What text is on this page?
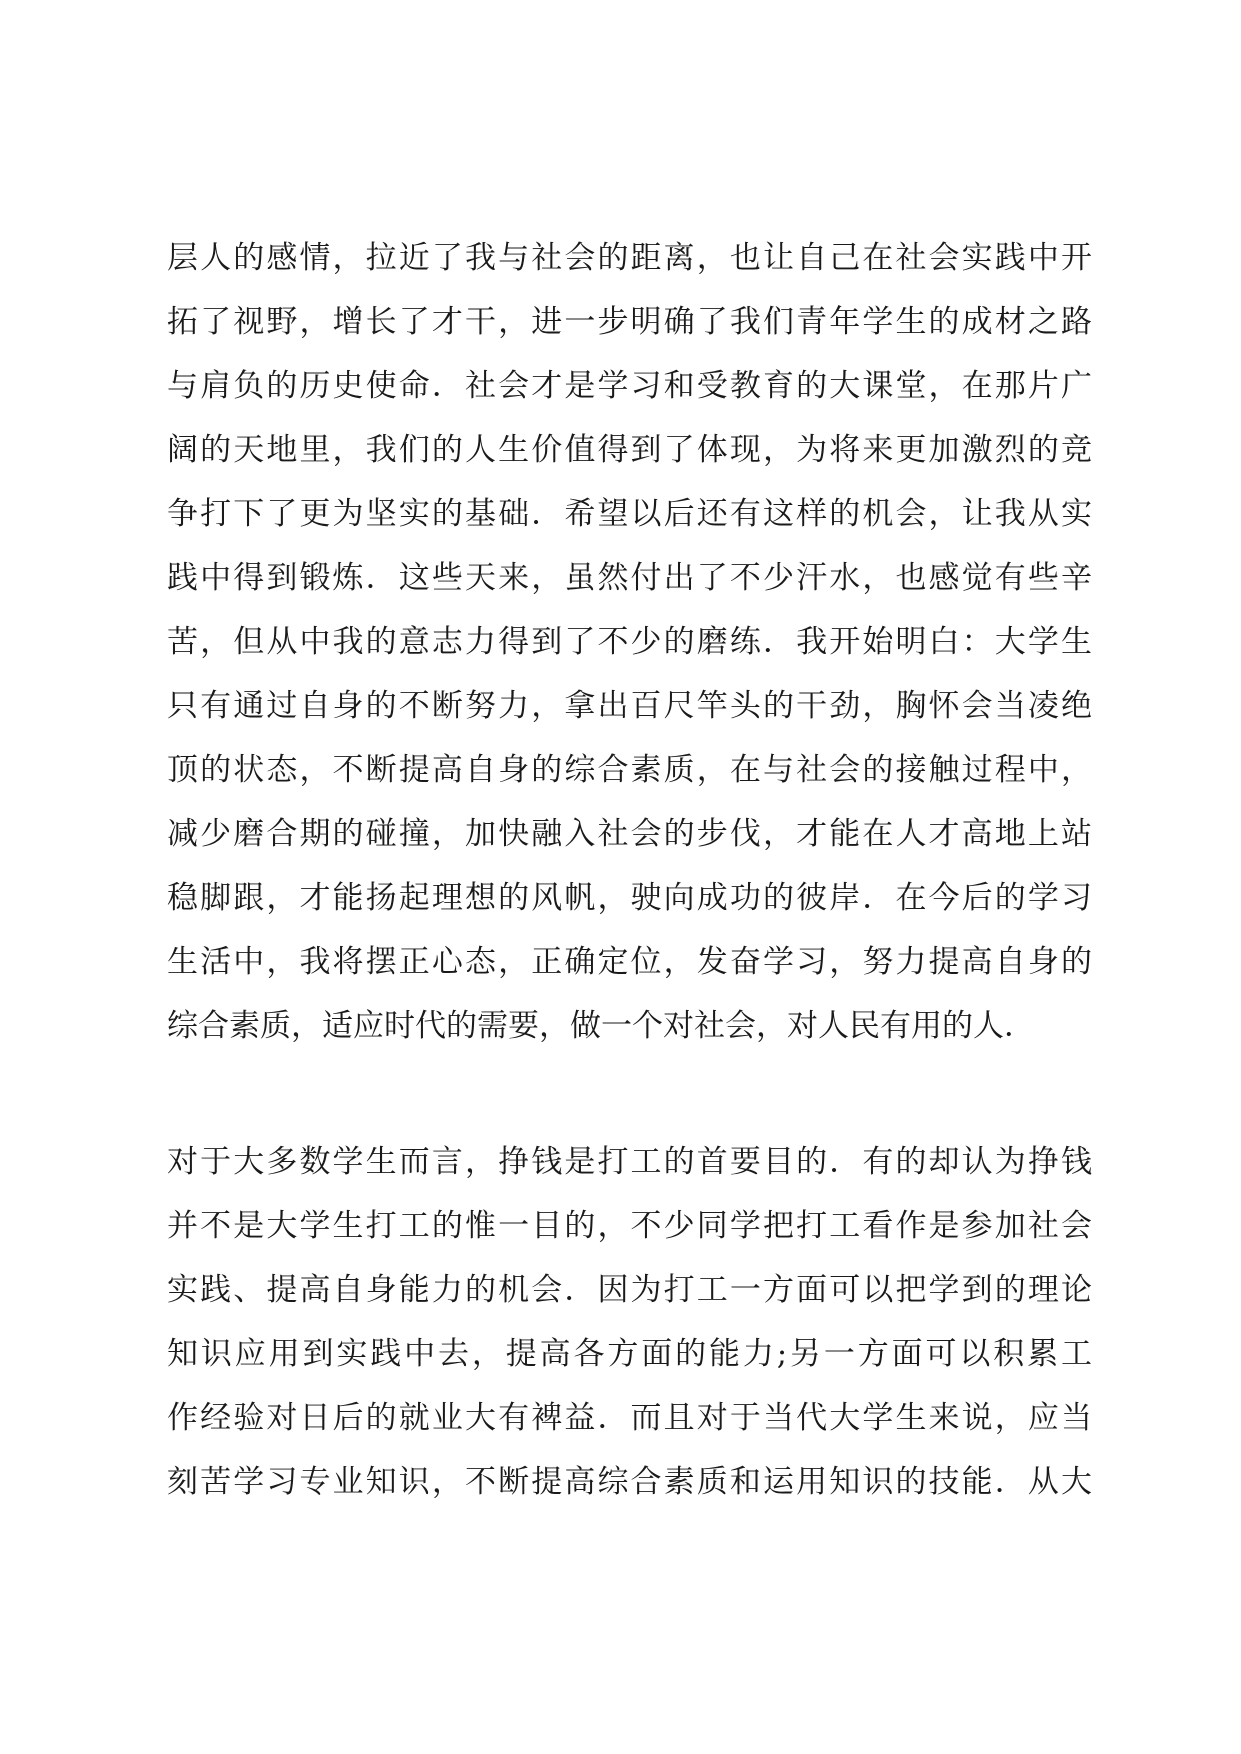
层人的感情，拉近了我与社会的距离，也让自己在社会实践中开
拓了视野，增长了才干，进一步明确了我们青年学生的成材之路
与肩负的历史使命．社会才是学习和受教育的大课堂，在那片广
阔的天地里，我们的人生价值得到了体现，为将来更加激烈的竞
争打下了更为坚实的基础．希望以后还有这样的机会，让我从实
践中得到锻炼．这些天来，虽然付出了不少汗水，也感觉有些辛
苦，但从中我的意志力得到了不少的磨练．我开始明白：大学生
只有通过自身的不断努力，拿出百尺竿头的干劲，胸怀会当凌绝
顶的状态，不断提高自身的综合素质，在与社会的接触过程中，
减少磨合期的碰撞，加快融入社会的步伐，才能在人才高地上站
稳脚跟，才能扬起理想的风帆，驶向成功的彼岸．在今后的学习
生活中，我将摆正心态，正确定位，发奋学习，努力提高自身的
综合素质，适应时代的需要，做一个对社会，对人民有用的人．
对于大多数学生而言，挣钱是打工的首要目的．有的却认为挣钱
并不是大学生打工的惟一目的，不少同学把打工看作是参加社会
实践、提高自身能力的机会．因为打工一方面可以把学到的理论
知识应用到实践中去，提高各方面的能力;另一方面可以积累工
作经验对日后的就业大有裨益．而且对于当代大学生来说，应当
刻苦学习专业知识，不断提高综合素质和运用知识的技能．从大
